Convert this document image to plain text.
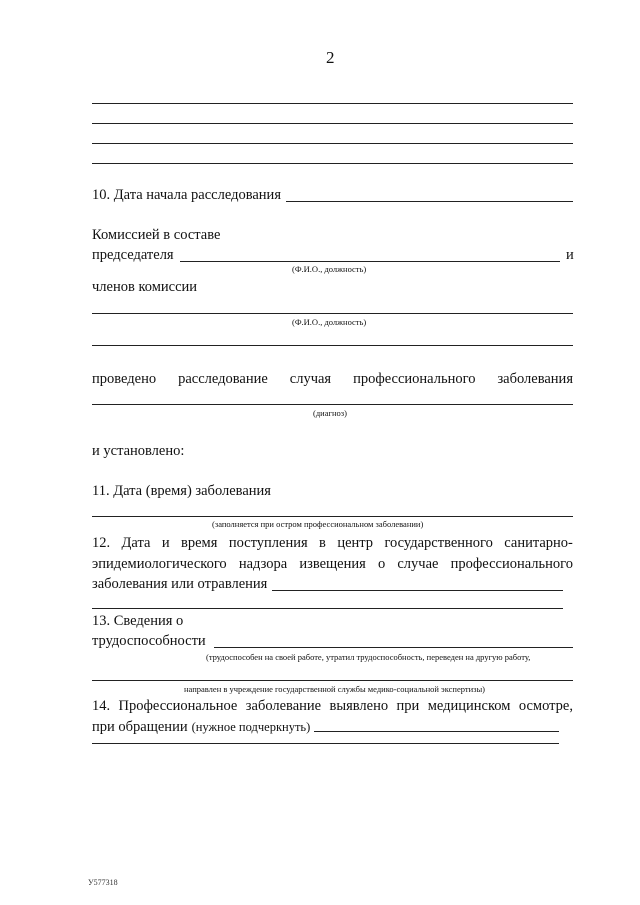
2
10. Дата начала расследования
Комиссией в составе
председателя	и
(Ф.И.О., должность)
членов комиссии
(Ф.И.О., должность)
проведено расследование случая профессионального заболевания
(диагноз)
и установлено:
11. Дата (время) заболевания
(заполняется при остром профессиональном заболевании)
12. Дата и время поступления в центр государственного санитарно-
эпидемиологического надзора извещения о случае профессионального
заболевания или отравления
13. Сведения о
трудоспособности
(трудоспособен на своей работе, утратил трудоспособность, переведен на другую работу,
направлен в учреждение государственной службы медико-социальной экспертизы)
14. Профессиональное заболевание выявлено при медицинском осмотре,
при обращении (нужное подчеркнуть)
У577318
